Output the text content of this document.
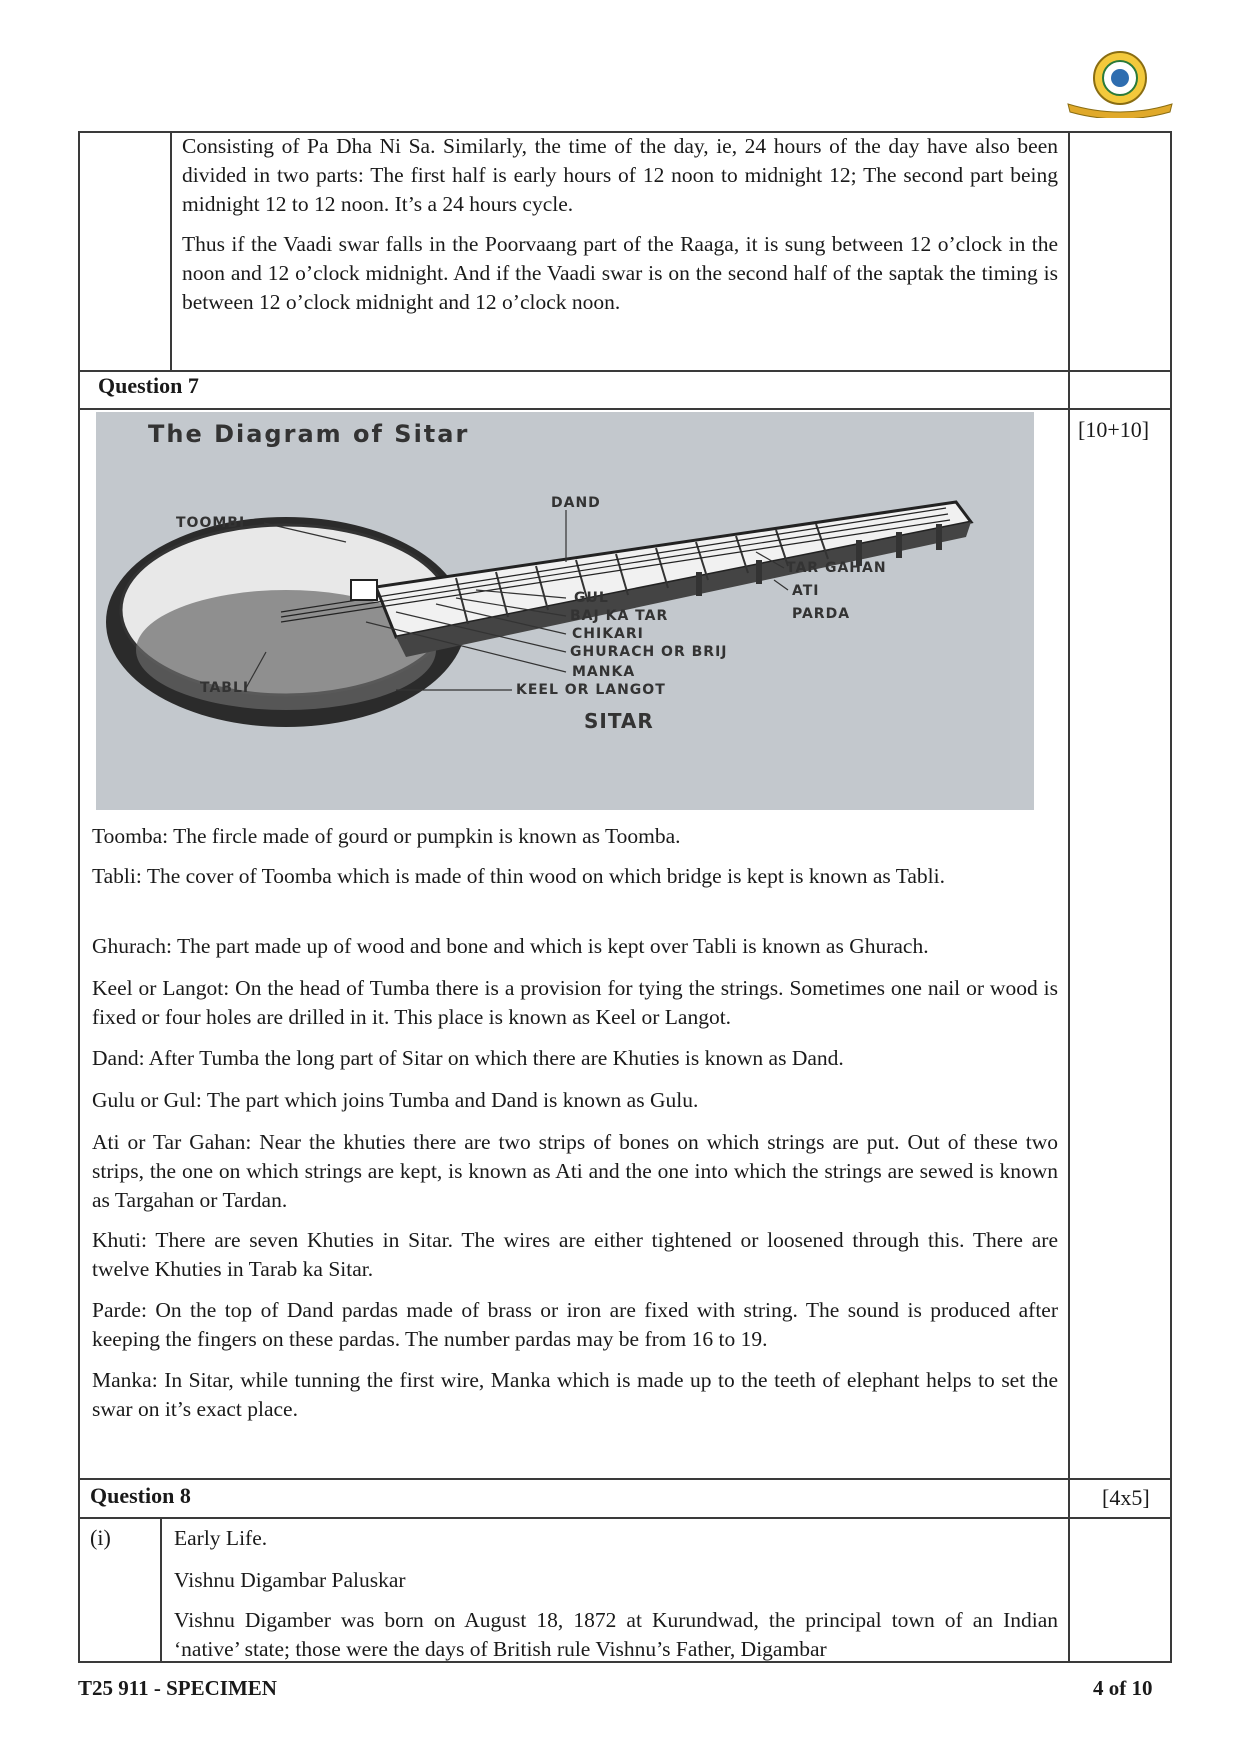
Consisting of Pa Dha Ni Sa. Similarly, the time of the day, ie, 24 hours of the day have also been divided in two parts: The first half is early hours of 12 noon to midnight 12; The second part being midnight 12 to 12 noon. It’s a 24 hours cycle.

Thus if the Vaadi swar falls in the Poorvaang part of the Raaga, it is sung between 12 o’clock in the noon and 12 o’clock midnight. And if the Vaadi swar is on the second half of the saptak the timing is between 12 o’clock midnight and 12 o’clock noon.

Question 7
[10+10]
The Diagram of Sitar
TOOMBI
DAND
TAR GAHAN
ATI
PARDA
GUL
BAJ KA TAR
CHIKARI
GHURACH OR BRIJ
MANKA
KEEL OR LANGOT
TABLI
SITAR

Toomba: The fircle made of gourd or pumpkin is known as Toomba.

Tabli: The cover of Toomba which is made of thin wood on which bridge is kept is known as Tabli.

Ghurach: The part made up of wood and bone and which is kept over Tabli is known as Ghurach.

Keel or Langot: On the head of Tumba there is a provision for tying the strings. Sometimes one nail or wood is fixed or four holes are drilled in it. This place is known as Keel or Langot.

Dand: After Tumba the long part of Sitar on which there are Khuties is known as Dand.

Gulu or Gul: The part which joins Tumba and Dand is known as Gulu.

Ati or Tar Gahan: Near the khuties there are two strips of bones on which strings are put. Out of these two strips, the one on which strings are kept, is known as Ati and the one into which the strings are sewed is known as Targahan or Tardan.

Khuti: There are seven Khuties in Sitar. The wires are either tightened or loosened through this. There are twelve Khuties in Tarab ka Sitar.

Parde: On the top of Dand pardas made of brass or iron are fixed with string. The sound is produced after keeping the fingers on these pardas. The number pardas may be from 16 to 19.

Manka: In Sitar, while tunning the first wire, Manka which is made up to the teeth of elephant helps to set the swar on it’s exact place.

Question 8	[4x5]
(i)	Early Life.
Vishnu Digambar Paluskar

Vishnu Digamber was born on August 18, 1872 at Kurundwad, the principal town of an Indian ‘native’ state; those were the days of British rule Vishnu’s Father, Digambar

T25 911 - SPECIMEN	4 of 10
